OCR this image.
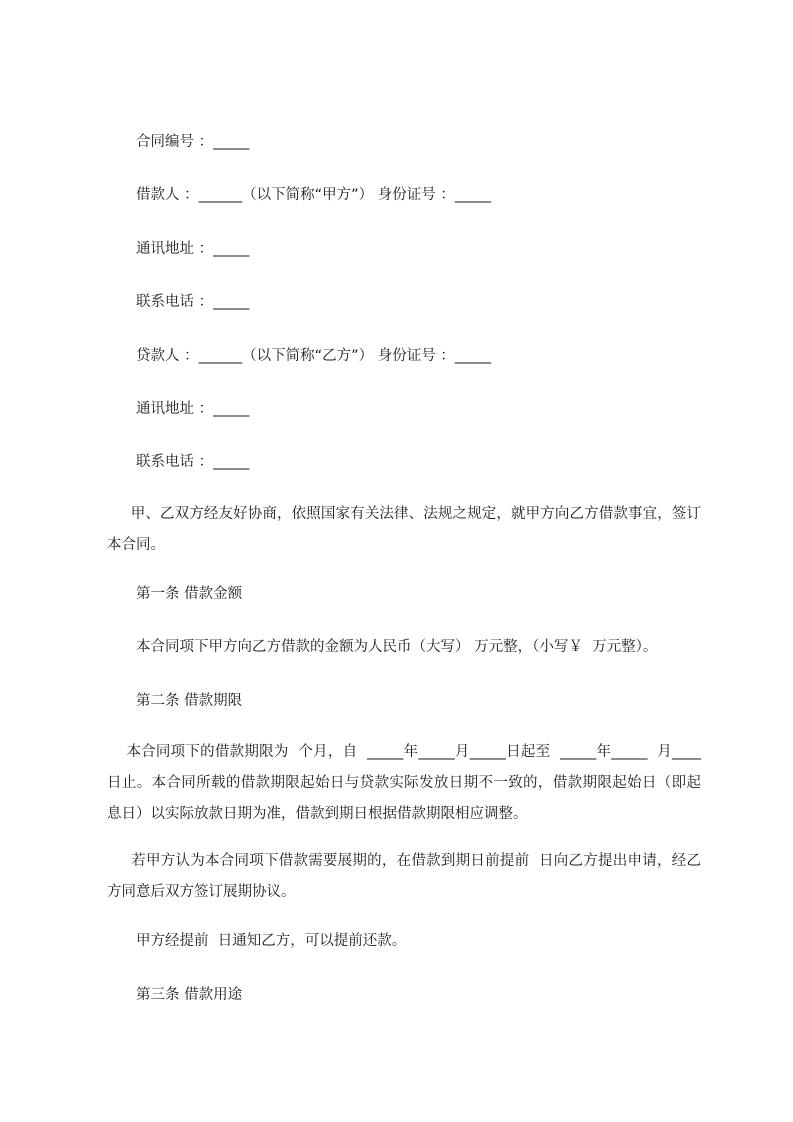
合同编号 ：_____

借款人 ：______（以下简称“甲方”） 身份证号 ：_____

通讯地址 ：_____

联系电话 ：_____

贷款人 ：______（以下简称“乙方”） 身份证号 ：_____

通讯地址 ：_____

联系电话 ：_____

甲、乙双方经友好协商，依照国家有关法律、法规之规定，就甲方向乙方借款事宜，签订本合同。

第一条 借款金额

本合同项下甲方向乙方借款的金额为人民币（大写） 万元整，（小写￥  万元整）。

第二条 借款期限

本合同项下的借款期限为  个月，自  _____年_____月_____日起至  _____年_____  月____日止。本合同所载的借款期限起始日与贷款实际发放日期不一致的，借款期限起始日（即起息日）以实际放款日期为准，借款到期日根据借款期限相应调整。

若甲方认为本合同项下借款需要展期的，在借款到期日前提前  日向乙方提出申请，经乙方同意后双方签订展期协议。

甲方经提前  日通知乙方，可以提前还款。

第三条 借款用途
